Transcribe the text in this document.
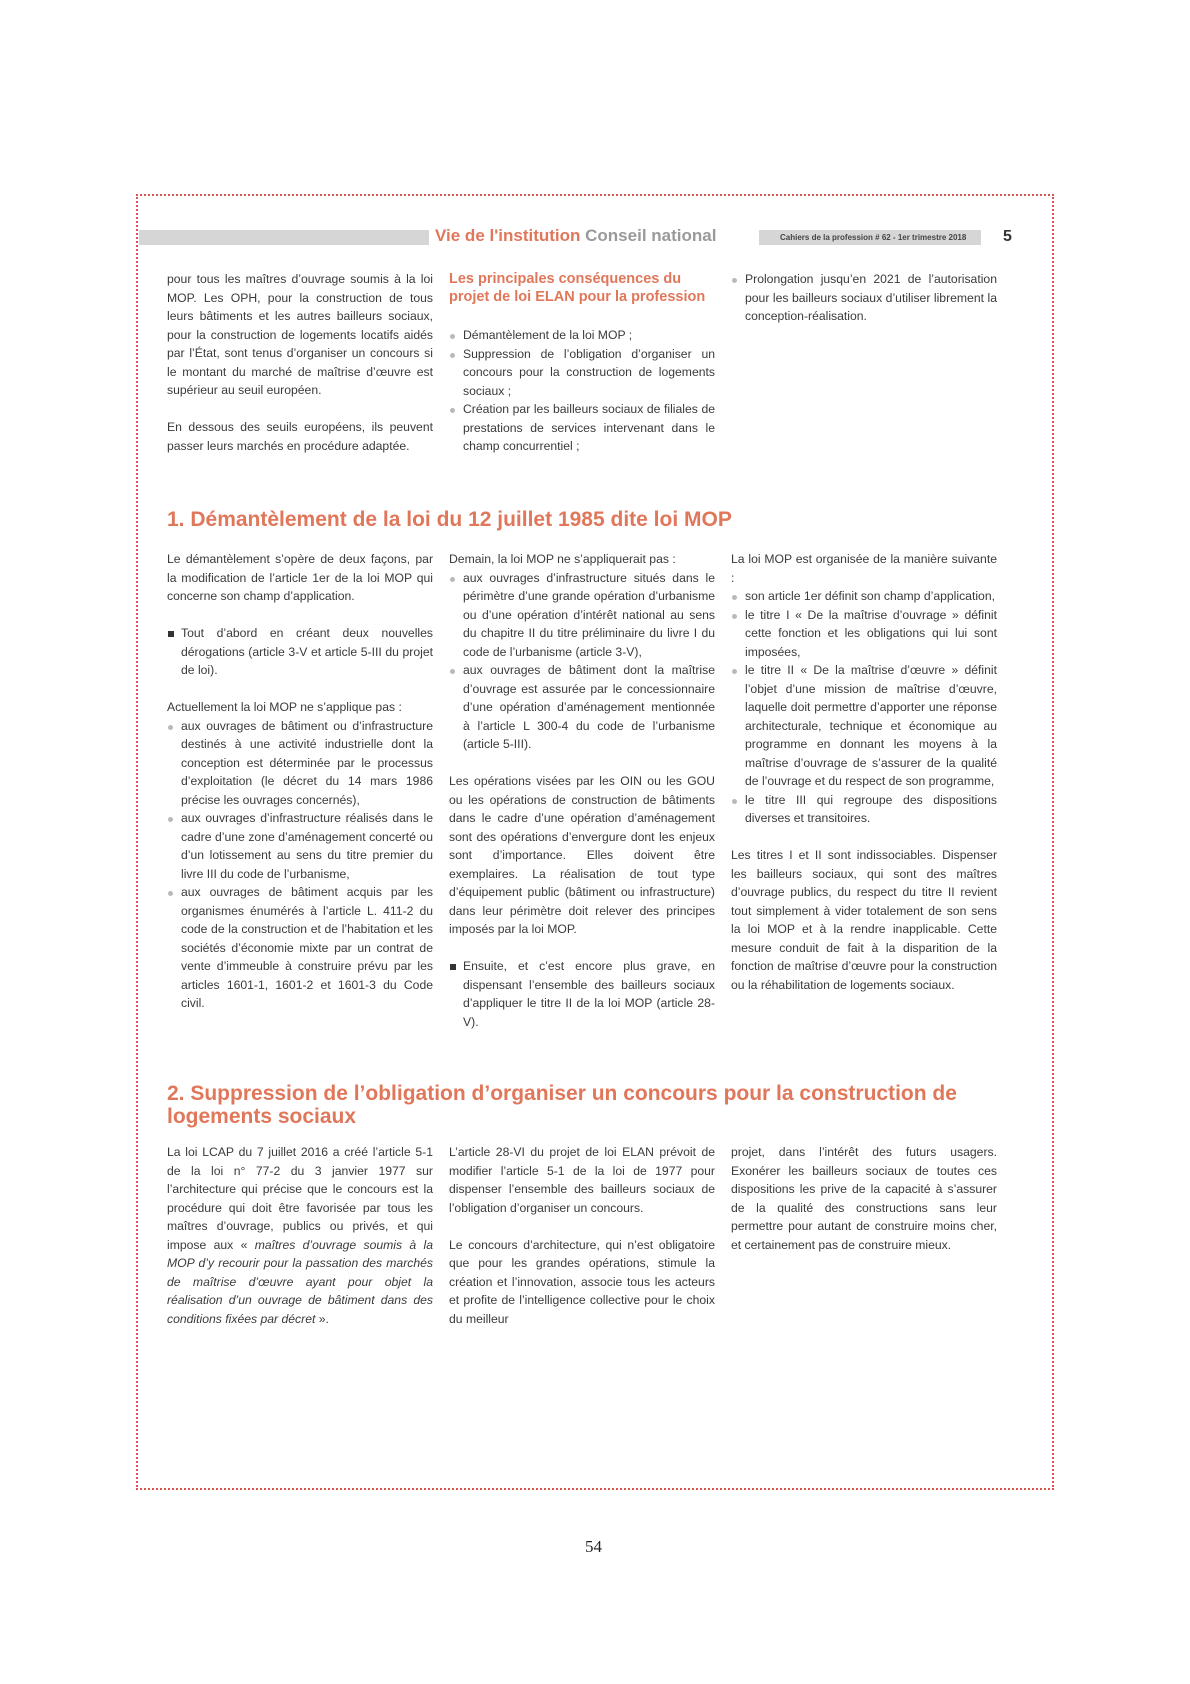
Vie de l'institution Conseil national	Cahiers de la profession # 62 - 1er trimestre 2018 5

pour tous les maîtres d’ouvrage soumis à la loi MOP. Les OPH, pour la construction de tous leurs bâtiments et les autres bailleurs sociaux, pour la construction de logements locatifs aidés par l’État, sont tenus d’organiser un concours si le montant du marché de maîtrise d’œuvre est supérieur au seuil européen.

En dessous des seuils européens, ils peuvent passer leurs marchés en procédure adaptée.

Les principales conséquences du projet de loi ELAN pour la profession
Démantèlement de la loi MOP ;
Suppression de l’obligation d’organiser un concours pour la construction de logements sociaux ;
Création par les bailleurs sociaux de filiales de prestations de services intervenant dans le champ concurrentiel ;
Prolongation jusqu’en 2021 de l’autorisation pour les bailleurs sociaux d’utiliser librement la conception-réalisation.
1. Démantèlement de la loi du 12 juillet 1985 dite loi MOP

Le démantèlement s’opère de deux façons, par la modification de l’article 1er de la loi MOP qui concerne son champ d’application.

Tout d’abord en créant deux nouvelles dérogations (article 3-V et article 5-III du projet de loi).

Actuellement la loi MOP ne s’applique pas :

aux ouvrages de bâtiment ou d’infrastructure destinés à une activité industrielle dont la conception est déterminée par le processus d’exploitation (le décret du 14 mars 1986 précise les ouvrages concernés),
aux ouvrages d’infrastructure réalisés dans le cadre d’une zone d’aménagement concerté ou d’un lotissement au sens du titre premier du livre III du code de l’urbanisme,
aux ouvrages de bâtiment acquis par les organismes énumérés à l’article L. 411-2 du code de la construction et de l’habitation et les sociétés d’économie mixte par un contrat de vente d’immeuble à construire prévu par les articles 1601-1, 1601-2 et 1601-3 du Code civil.

Demain, la loi MOP ne s’appliquerait pas :

aux ouvrages d’infrastructure situés dans le périmètre d’une grande opération d’urbanisme ou d’une opération d’intérêt national au sens du chapitre II du titre préliminaire du livre I du code de l’urbanisme (article 3-V),
aux ouvrages de bâtiment dont la maîtrise d’ouvrage est assurée par le concessionnaire d’une opération d’aménagement mentionnée à l’article L 300-4 du code de l’urbanisme (article 5-III).

Les opérations visées par les OIN ou les GOU ou les opérations de construction de bâtiments dans le cadre d’une opération d’aménagement sont des opérations d’envergure dont les enjeux sont d’importance. Elles doivent être exemplaires. La réalisation de tout type d’équipement public (bâtiment ou infrastructure) dans leur périmètre doit relever des principes imposés par la loi MOP.

Ensuite, et c’est encore plus grave, en dispensant l’ensemble des bailleurs sociaux d’appliquer le titre II de la loi MOP (article 28-V).

La loi MOP est organisée de la manière suivante :

son article 1er définit son champ d’application,
le titre I « De la maîtrise d’ouvrage » définit cette fonction et les obligations qui lui sont imposées,
le titre II « De la maîtrise d’œuvre » définit l’objet d’une mission de maîtrise d’œuvre, laquelle doit permettre d’apporter une réponse architecturale, technique et économique au programme en donnant les moyens à la maîtrise d’ouvrage de s’assurer de la qualité de l’ouvrage et du respect de son programme,
le titre III qui regroupe des dispositions diverses et transitoires.

Les titres I et II sont indissociables. Dispenser les bailleurs sociaux, qui sont des maîtres d’ouvrage publics, du respect du titre II revient tout simplement à vider totalement de son sens la loi MOP et à la rendre inapplicable. Cette mesure conduit de fait à la disparition de la fonction de maîtrise d’œuvre pour la construction ou la réhabilitation de logements sociaux.

2. Suppression de l’obligation d’organiser un concours pour la construction de logements sociaux

La loi LCAP du 7 juillet 2016 a créé l’article 5-1 de la loi n° 77-2 du 3 janvier 1977 sur l’architecture qui précise que le concours est la procédure qui doit être favorisée par tous les maîtres d’ouvrage, publics ou privés, et qui impose aux « maîtres d’ouvrage soumis à la MOP d’y recourir pour la passation des marchés de maîtrise d’œuvre ayant pour objet la réalisation d’un ouvrage de bâtiment dans des conditions fixées par décret ».

L’article 28-VI du projet de loi ELAN prévoit de modifier l’article 5-1 de la loi de 1977 pour dispenser l’ensemble des bailleurs sociaux de l’obligation d’organiser un concours.

Le concours d’architecture, qui n’est obligatoire que pour les grandes opérations, stimule la création et l’innovation, associe tous les acteurs et profite de l’intelligence collective pour le choix du meilleur

projet, dans l’intérêt des futurs usagers. Exonérer les bailleurs sociaux de toutes ces dispositions les prive de la capacité à s’assurer de la qualité des constructions sans leur permettre pour autant de construire moins cher, et certainement pas de construire mieux.

54
